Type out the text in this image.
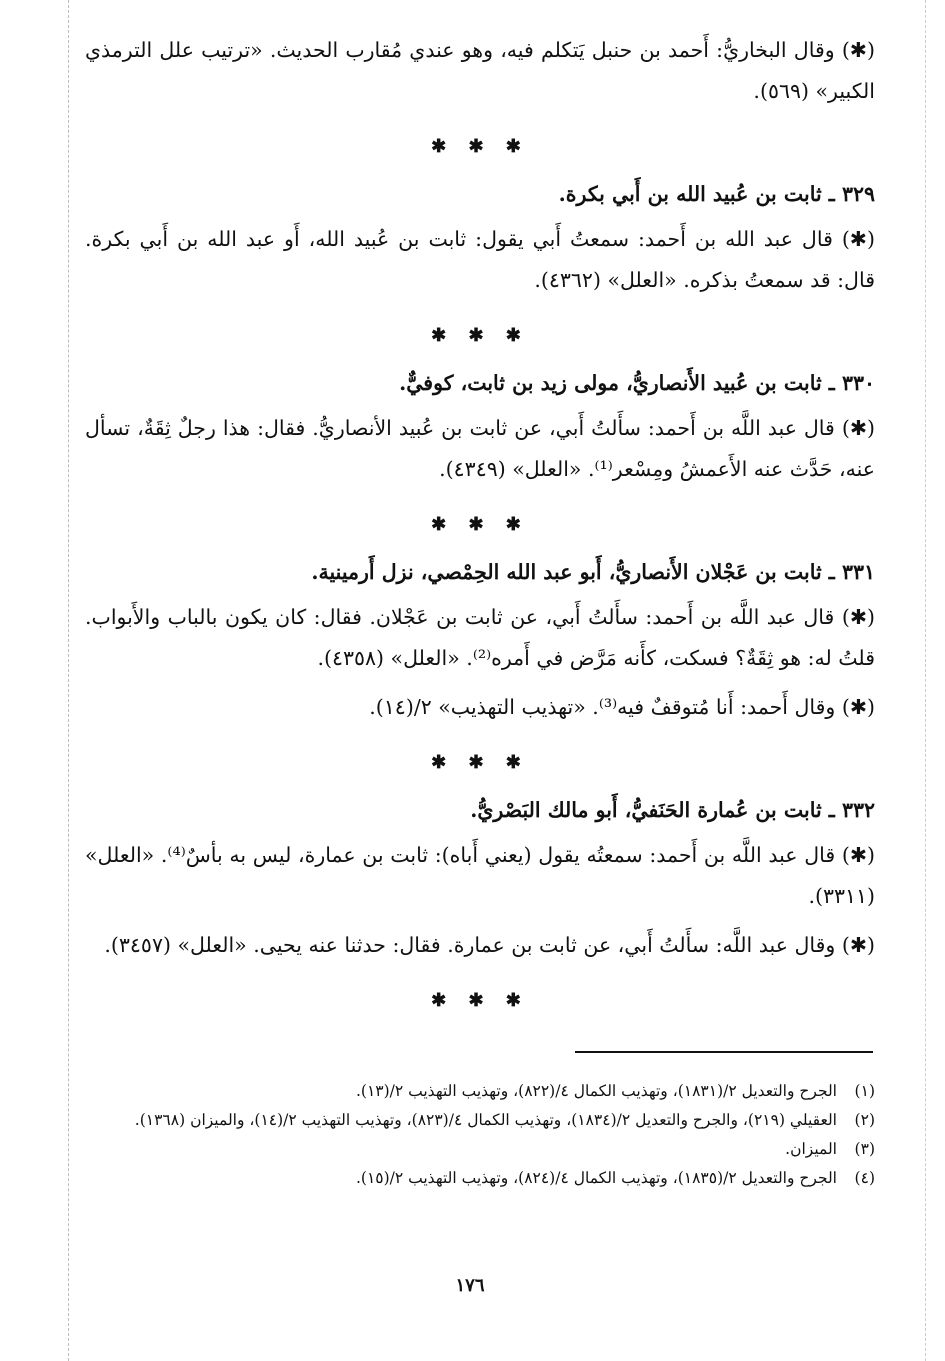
(✱) وقال البخاريُّ: أَحمد بن حنبل يَتكلم فيه، وهو عندي مُقارب الحديث. «ترتيب علل الترمذي الكبير» (٥٦٩).

✱ ✱ ✱
٣٢٩ ـ ثابت بن عُبيد الله بن أَبي بكرة.

(✱) قال عبد الله بن أَحمد: سمعتُ أَبي يقول: ثابت بن عُبيد الله، أَو عبد الله بن أَبي بكرة. قال: قد سمعتُ بذكره. «العلل» (٤٣٦٢).

✱ ✱ ✱
٣٣٠ ـ ثابت بن عُبيد الأَنصاريُّ، مولى زيد بن ثابت، كوفيٌّ.

(✱) قال عبد اللَّه بن أَحمد: سأَلتُ أَبي، عن ثابت بن عُبيد الأنصاريُّ. فقال: هذا رجلٌ ثِقَةٌ، تسأل عنه، حَدَّث عنه الأَعمشُ ومِسْعر⁽¹⁾. «العلل» (٤٣٤٩).

✱ ✱ ✱
٣٣١ ـ ثابت بن عَجْلان الأَنصاريُّ، أَبو عبد الله الحِمْصي، نزل أَرمينية.

(✱) قال عبد اللَّه بن أَحمد: سأَلتُ أَبي، عن ثابت بن عَجْلان. فقال: كان يكون بالباب والأَبواب. قلتُ له: هو ثِقَةٌ؟ فسكت، كأَنه مَرَّض في أَمره⁽²⁾. «العلل» (٤٣٥٨).

(✱) وقال أَحمد: أَنا مُتوقفٌ فيه⁽³⁾. «تهذيب التهذيب» ٢/(١٤).

✱ ✱ ✱
٣٣٢ ـ ثابت بن عُمارة الحَنَفيُّ، أَبو مالك البَصْريُّ.

(✱) قال عبد اللَّه بن أَحمد: سمعتُه يقول (يعني أَباه): ثابت بن عمارة، ليس به بأسٌ⁽⁴⁾. «العلل» (٣٣١١).

(✱) وقال عبد اللَّه: سأَلتُ أَبي، عن ثابت بن عمارة. فقال: حدثنا عنه يحيى. «العلل» (٣٤٥٧).

✱ ✱ ✱
(١)
الجرح والتعديل ٢/(١٨٣١)، وتهذيب الكمال ٤/(٨٢٢)، وتهذيب التهذيب ٢/(١٣).
(٢)
العقيلي (٢١٩)، والجرح والتعديل ٢/(١٨٣٤)، وتهذيب الكمال ٤/(٨٢٣)، وتهذيب التهذيب ٢/(١٤)، والميزان (١٣٦٨).
(٣)
الميزان.
(٤)
الجرح والتعديل ٢/(١٨٣٥)، وتهذيب الكمال ٤/(٨٢٤)، وتهذيب التهذيب ٢/(١٥).
١٧٦
